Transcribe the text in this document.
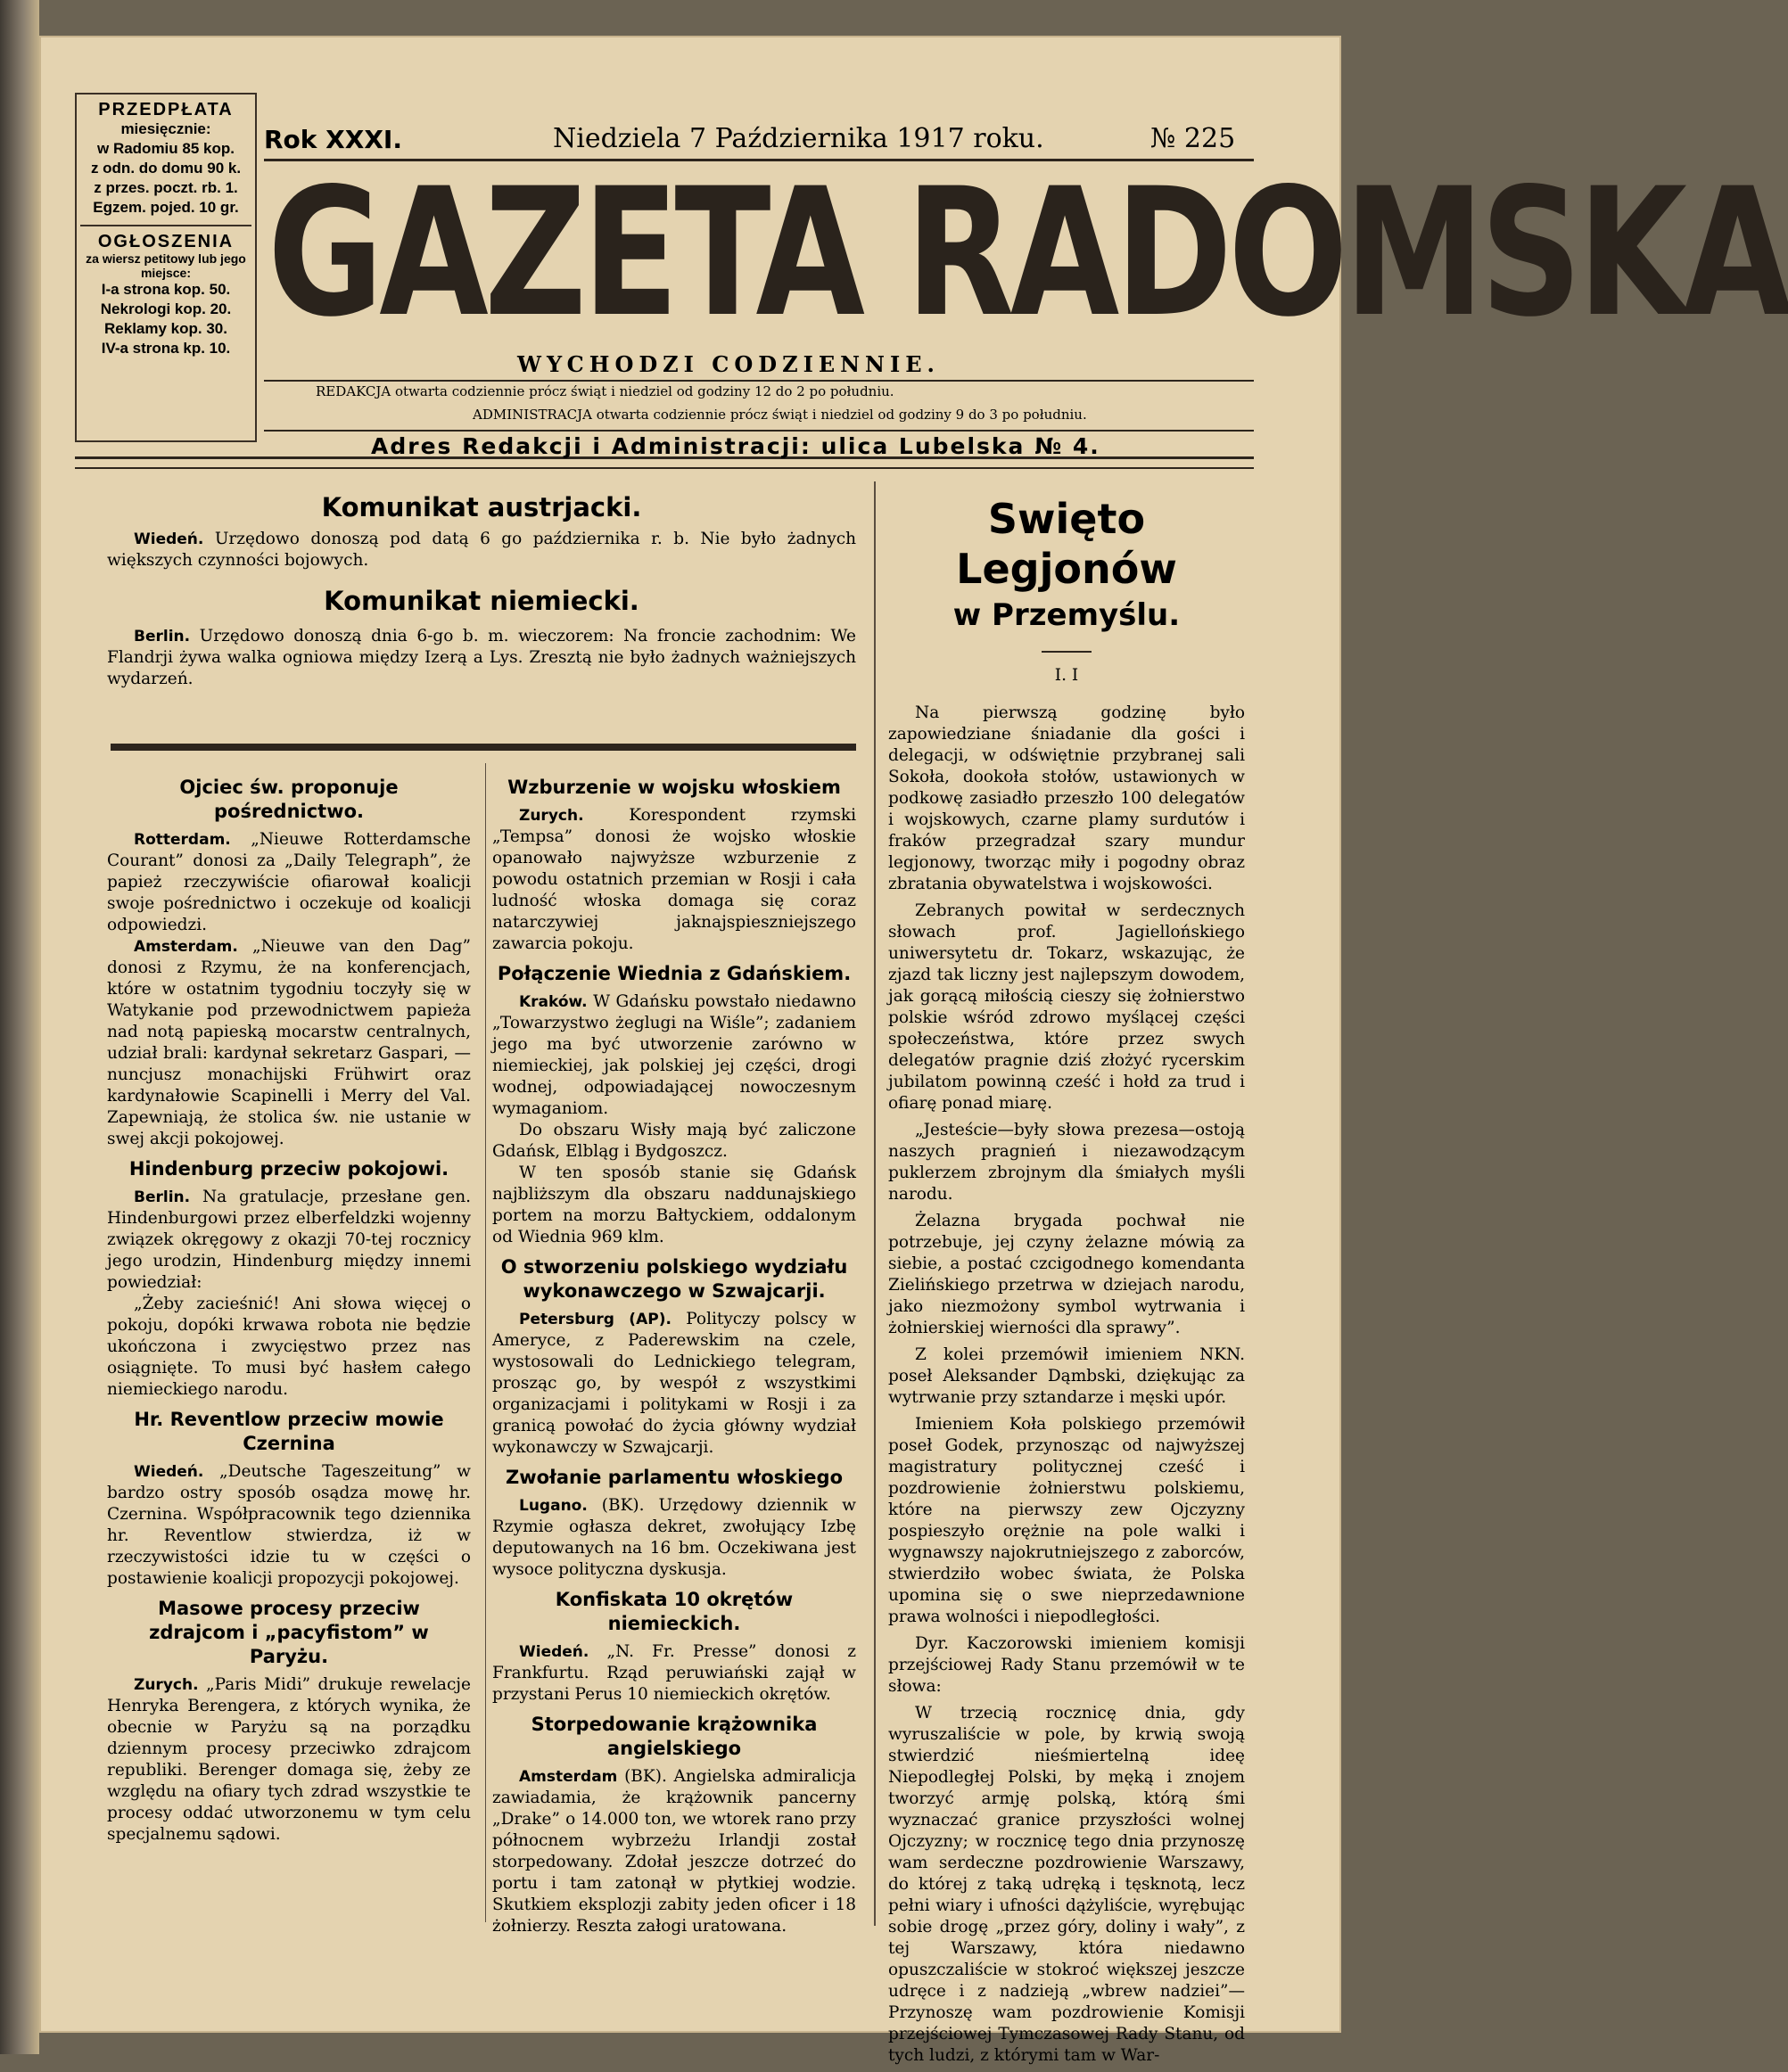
PRZEDPŁATA
miesięcznie:
w Radomiu 85 kop.
z odn. do domu 90 k.
z przes. poczt. rb. 1.
Egzem. pojed. 10 gr.
OGŁOSZENIA
za wiersz petitowy lub jego miejsce:
I-a strona kop. 50.
Nekrologi kop. 20.
Reklamy kop. 30.
IV-a strona kp. 10.
Rok XXXI.	Niedziela 7 Października 1917 roku.	№ 225
GAZETA RADOMSKA
WYCHODZI CODZIENNIE.
REDAKCJA otwarta codziennie prócz świąt i niedziel od godziny 12 do 2 po południu.
ADMINISTRACJA otwarta codziennie prócz świąt i niedziel od godziny 9 do 3 po południu.
Adres Redakcji i Administracji: ulica Lubelska № 4.
Komunikat austrjacki.

Wiedeń. Urzędowo donoszą pod datą 6 go października r. b. Nie było żadnych większych czynności bojowych.

Komunikat niemiecki.

Berlin. Urzędowo donoszą dnia 6-go b. m. wieczorem: Na froncie zachodnim: We Flandrji żywa walka ogniowa między Izerą a Lys. Zresztą nie było żadnych ważniejszych wydarzeń.

Ojciec św. proponuje pośrednictwo.

Rotterdam. „Nieuwe Rotterdamsche Courant” donosi za „Daily Telegraph”, że papież rzeczywiście ofiarował koalicji swoje pośrednictwo i oczekuje od koalicji odpowiedzi.

Amsterdam. „Nieuwe van den Dag” donosi z Rzymu, że na konferencjach, które w ostatnim tygodniu toczyły się w Watykanie pod przewodnictwem papieża nad notą papieską mocarstw centralnych, udział brali: kardynał sekretarz Gaspari, — nuncjusz monachijski Frühwirt oraz kardynałowie Scapinelli i Merry del Val. Zapewniają, że stolica św. nie ustanie w swej akcji pokojowej.

Hindenburg przeciw pokojowi.

Berlin. Na gratulacje, przesłane gen. Hindenburgowi przez elberfeldzki wojenny związek okręgowy z okazji 70-tej rocznicy jego urodzin, Hindenburg między innemi powiedział:

„Żeby zacieśnić! Ani słowa więcej o pokoju, dopóki krwawa robota nie będzie ukończona i zwycięstwo przez nas osiągnięte. To musi być hasłem całego niemieckiego narodu.

Hr. Reventlow przeciw mowie Czernina

Wiedeń. „Deutsche Tageszeitung” w bardzo ostry sposób osądza mowę hr. Czernina. Współpracownik tego dziennika hr. Reventlow stwierdza, iż w rzeczywistości idzie tu w części o postawienie koalicji propozycji pokojowej.

Masowe procesy przeciw zdrajcom i „pacyfistom” w Paryżu.

Zurych. „Paris Midi” drukuje rewelacje Henryka Berengera, z których wynika, że obecnie w Paryżu są na porządku dziennym procesy przeciwko zdrajcom republiki. Berenger domaga się, żeby ze względu na ofiary tych zdrad wszystkie te procesy oddać utworzonemu w tym celu specjalnemu sądowi.

Wzburzenie w wojsku włoskiem

Zurych.	Korespondent rzymski „Tempsa” donosi że wojsko włoskie opanowało najwyższe wzburzenie z powodu ostatnich przemian w Rosji i cała ludność włoska domaga się coraz natarczywiej jaknajspieszniejszego zawarcia pokoju.

Połączenie Wiednia z Gdańskiem.

Kraków. W Gdańsku powstało niedawno „Towarzystwo żeglugi na Wiśle”; zadaniem jego ma być utworzenie zarówno w niemieckiej, jak polskiej jej części, drogi wodnej, odpowiadającej nowoczesnym wymaganiom.

Do obszaru Wisły mają być zaliczone Gdańsk, Elbląg i Bydgoszcz.

W ten sposób stanie się Gdańsk najbliższym dla obszaru naddunajskiego portem na morzu Bałtyckiem, oddalonym od Wiednia 969 klm.

O stworzeniu polskiego wydziału wykonawczego w Szwajcarji.

Petersburg (AP). Polityczy polscy w Ameryce, z Paderewskim na czele, wystosowali do Lednickiego telegram, prosząc go, by wespół z wszystkimi organizacjami i politykami w Rosji i za granicą powołać do życia główny wydział wykonawczy w Szwajcarji.

Zwołanie parlamentu włoskiego

Lugano. (BK). Urzędowy dziennik w Rzymie ogłasza dekret, zwołujący Izbę deputowanych na 16 bm. Oczekiwana jest wysoce polityczna dyskusja.

Konfiskata 10 okrętów niemieckich.

Wiedeń. „N. Fr. Presse” donosi z Frankfurtu. Rząd peruwiański zajął w przystani Perus 10 niemieckich okrętów.

Storpedowanie krążownika angielskiego

Amsterdam (BK). Angielska admiralicja zawiadamia, że krążownik pancerny „Drake” o 14.000 ton, we wtorek rano przy północnem wybrzeżu Irlandji został storpedowany. Zdołał jeszcze dotrzeć do portu i tam zatonął w płytkiej wodzie. Skutkiem eksplozji zabity jeden oficer i 18 żołnierzy. Reszta załogi uratowana.

Swięto Legjonów
w Przemyślu.
I. I

Na pierwszą godzinę było zapowiedziane śniadanie dla gości i delegacji, w odświętnie przybranej sali Sokoła, dookoła stołów, ustawionych w podkowę zasiadło przeszło 100 delegatów i wojskowych, czarne plamy surdutów i fraków przegradzał szary mundur legjonowy, tworząc miły i pogodny obraz zbratania obywatelstwa i wojskowości.

Zebranych powitał w serdecznych słowach prof. Jagiellońskiego uniwersytetu dr. Tokarz, wskazując, że zjazd tak liczny jest najlepszym dowodem, jak gorącą miłością cieszy się żołnierstwo polskie wśród zdrowo myślącej części społeczeństwa, które przez swych delegatów pragnie dziś złożyć rycerskim jubilatom powinną cześć i hołd za trud i ofiarę ponad miarę.

„Jesteście—były słowa prezesa—ostoją naszych pragnień i niezawodzącym puklerzem zbrojnym dla śmiałych myśli narodu.

Żelazna brygada pochwał nie potrzebuje, jej czyny żelazne mówią za siebie, a postać czcigodnego komendanta Zielińskiego przetrwa w dziejach narodu, jako niezmożony symbol wytrwania i żołnierskiej wierności dla sprawy”.

Z kolei przemówił imieniem NKN. poseł Aleksander Dąmbski, dziękując za wytrwanie przy sztandarze i męski upór.

Imieniem Koła polskiego przemówił poseł Godek, przynosząc od najwyższej magistratury politycznej cześć i pozdrowienie żołnierstwu polskiemu, które na pierwszy zew Ojczyzny pospieszyło orężnie na pole walki i wygnawszy najokrutniejszego z zaborców, stwierdziło wobec świata, że Polska upomina się o swe nieprzedawnione prawa wolności i niepodległości.

Dyr. Kaczorowski imieniem komisji przejściowej Rady Stanu przemówił w te słowa:

W trzecią rocznicę dnia, gdy wyruszaliście w pole, by krwią swoją stwierdzić nieśmiertelną ideę Niepodległej Polski, by męką i znojem tworzyć armję polską, którą śmi wyznaczać granice przyszłości wolnej Ojczyzny; w rocznicę tego dnia przynoszę wam serdeczne pozdrowienie Warszawy, do której z taką udręką i tęsknotą, lecz pełni wiary i ufności dążyliście, wyrębując sobie drogę „przez góry, doliny i wały”, z tej Warszawy, która niedawno opuszczaliście w stokroć większej jeszcze udręce i z nadzieją „wbrew nadziei”—Przynoszę wam pozdrowienie Komisji przejściowej Tymczasowej Rady Stanu, od tych ludzi, z którymi tam w War-
